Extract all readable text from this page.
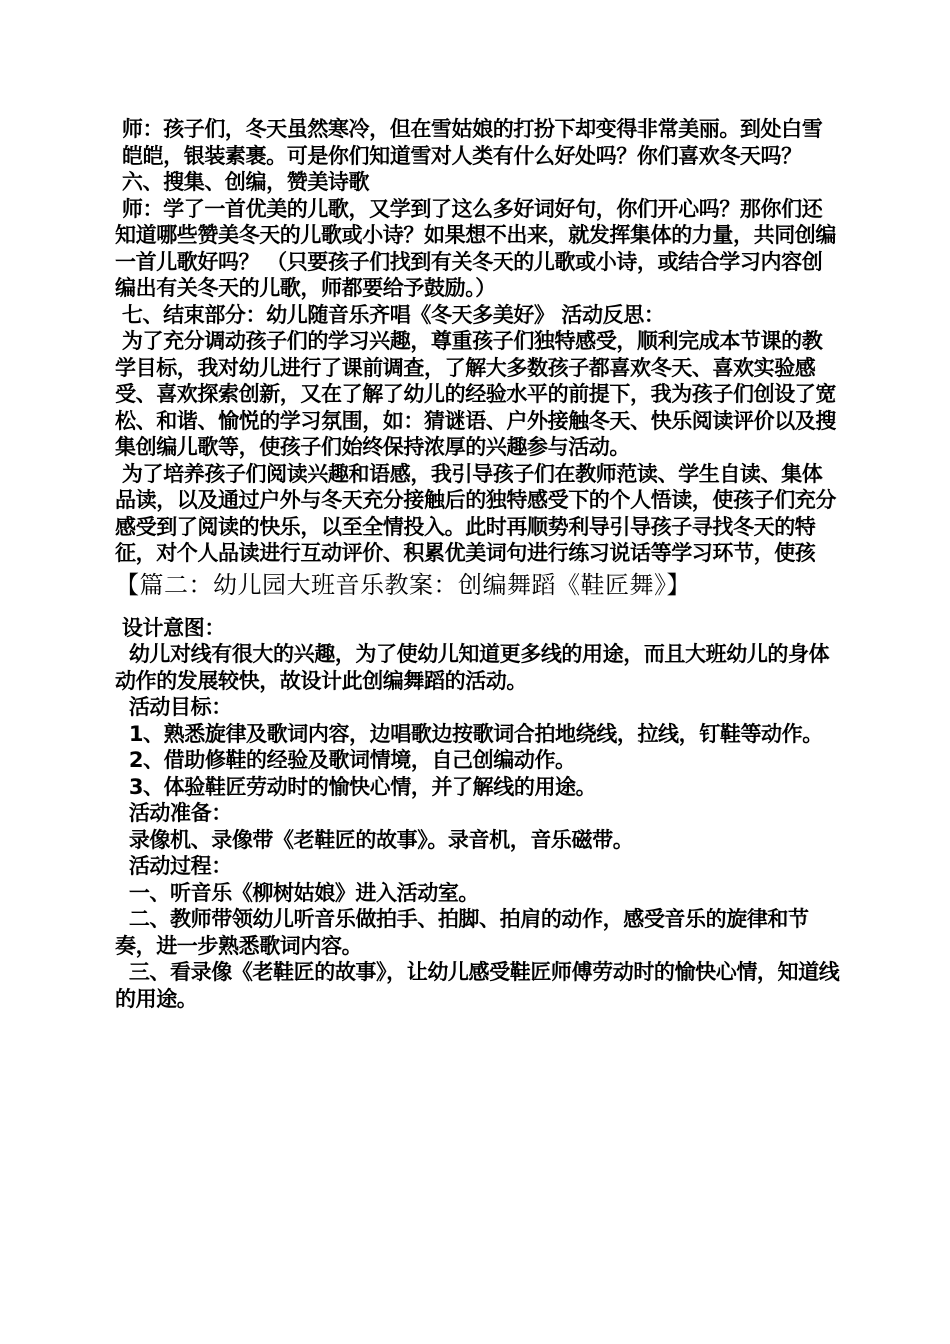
师：孩子们，冬天虽然寒冷，但在雪姑娘的打扮下却变得非常美丽。到处白雪

皑皑，银装素裹。可是你们知道雪对人类有什么好处吗？你们喜欢冬天吗？

六、搜集、创编，赞美诗歌

师：学了一首优美的儿歌，又学到了这么多好词好句，你们开心吗？那你们还知道哪些赞美冬天的儿歌或小诗？如果想不出来，就发挥集体的力量，共同创编一首儿歌好吗？ （只要孩子们找到有关冬天的儿歌或小诗，或结合学习内容创编出有关冬天的儿歌，师都要给予鼓励。）

七、结束部分：幼儿随音乐齐唱《冬天多美好》 活动反思：

为了充分调动孩子们的学习兴趣，尊重孩子们独特感受，顺利完成本节课的教学目标，我对幼儿进行了课前调查，了解大多数孩子都喜欢冬天、喜欢实验感受、喜欢探索创新，又在了解了幼儿的经验水平的前提下，我为孩子们创设了宽松、和谐、愉悦的学习氛围，如：猜谜语、户外接触冬天、快乐阅读评价以及搜集创编儿歌等，使孩子们始终保持浓厚的兴趣参与活动。

为了培养孩子们阅读兴趣和语感，我引导孩子们在教师范读、学生自读、集体品读，以及通过户外与冬天充分接触后的独特感受下的个人悟读，使孩子们充分感受到了阅读的快乐，以至全情投入。此时再顺势利导引导孩子寻找冬天的特征，对个人品读进行互动评价、积累优美词句进行练习说话等学习环节，使孩

【篇二：幼儿园大班音乐教案：创编舞蹈《鞋匠舞》】

设计意图：

幼儿对线有很大的兴趣，为了使幼儿知道更多线的用途，而且大班幼儿的身体动作的发展较快，故设计此创编舞蹈的活动。

活动目标：

1、熟悉旋律及歌词内容，边唱歌边按歌词合拍地绕线，拉线，钉鞋等动作。

2、借助修鞋的经验及歌词情境，自己创编动作。

3、体验鞋匠劳动时的愉快心情，并了解线的用途。

活动准备：

录像机、录像带《老鞋匠的故事》。录音机，音乐磁带。

活动过程：

一、听音乐《柳树姑娘》进入活动室。

二、教师带领幼儿听音乐做拍手、拍脚、拍肩的动作，感受音乐的旋律和节奏，进一步熟悉歌词内容。

三、看录像《老鞋匠的故事》，让幼儿感受鞋匠师傅劳动时的愉快心情，知道线的用途。
